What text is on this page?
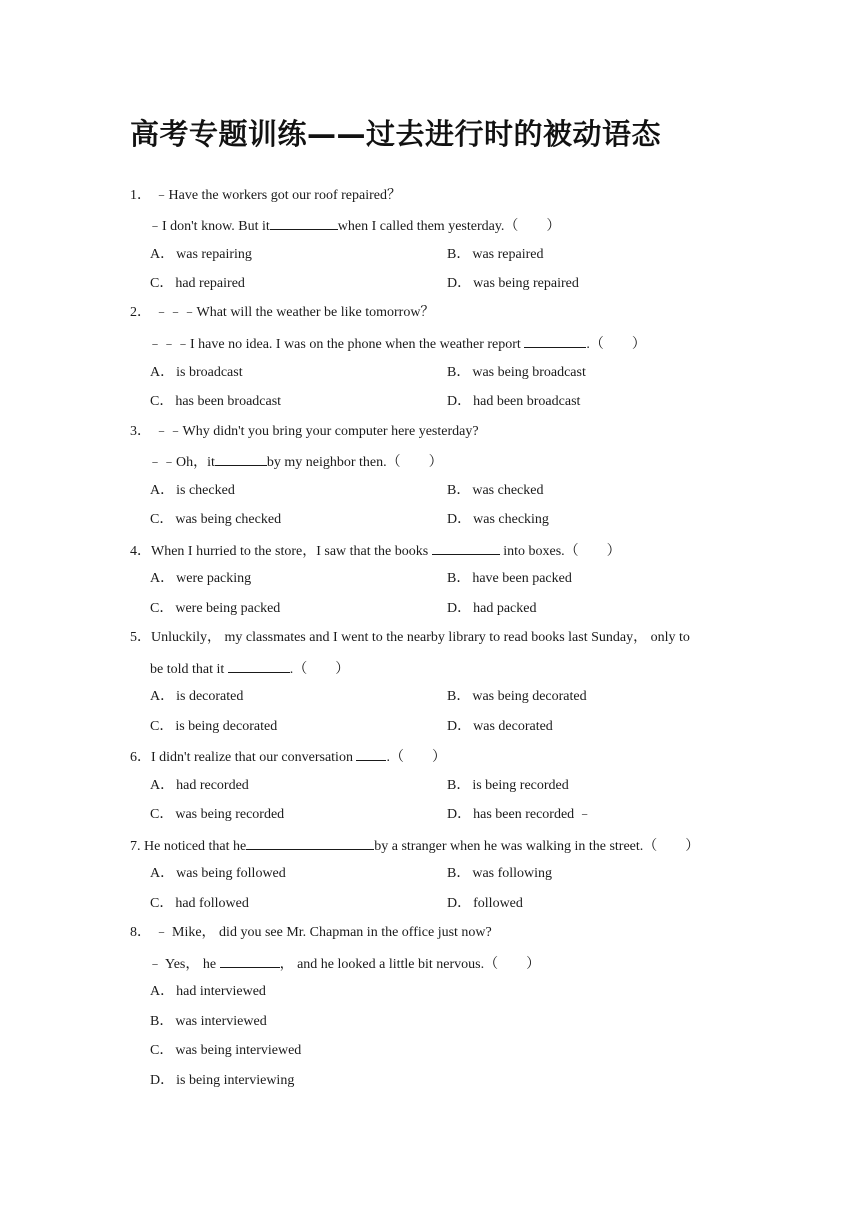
高考专题训练——过去进行时的被动语态
1． ﹣Have the workers got our roof repaired？
﹣I don't know. But it	when I called them yesterday.（　　）
A． was repairing	B． was repaired
C． had repaired	D． was being repaired
2． ﹣﹣﹣What will the weather be like tomorrow？
﹣﹣﹣I have no idea. I was on the phone when the weather report	.（　　）
A． is broadcast	B． was being broadcast
C． has been broadcast	D． had been broadcast
3． ﹣﹣Why didn't you bring your computer here yesterday?
﹣﹣Oh，it	by my neighbor then.（　　）
A． is checked	B． was checked
C． was being checked	D． was checking
4．When I hurried to the store，I saw that the books	into boxes.（　　）
A． were packing	B． have been packed
C． were being packed	D． had packed
5．Unluckily， my classmates and I went to the nearby library to read books last Sunday， only to
be told that it	.（　　）
A． is decorated	B． was being decorated
C． is being decorated	D． was decorated
6．I didn't realize that our conversation .（　　）
A． had recorded	B． is being recorded
C． was being recorded	D． has been recorded ﹣
7. He noticed that he	by a stranger when he was walking in the street.（　　）
A． was being followed	B． was following
C． had followed	D． followed
8． ﹣ Mike， did you see Mr. Chapman in the office just now?
﹣ Yes， he	， and he looked a little bit nervous.（　　）
A． had interviewed
B． was interviewed
C． was being interviewed
D． is being interviewing
